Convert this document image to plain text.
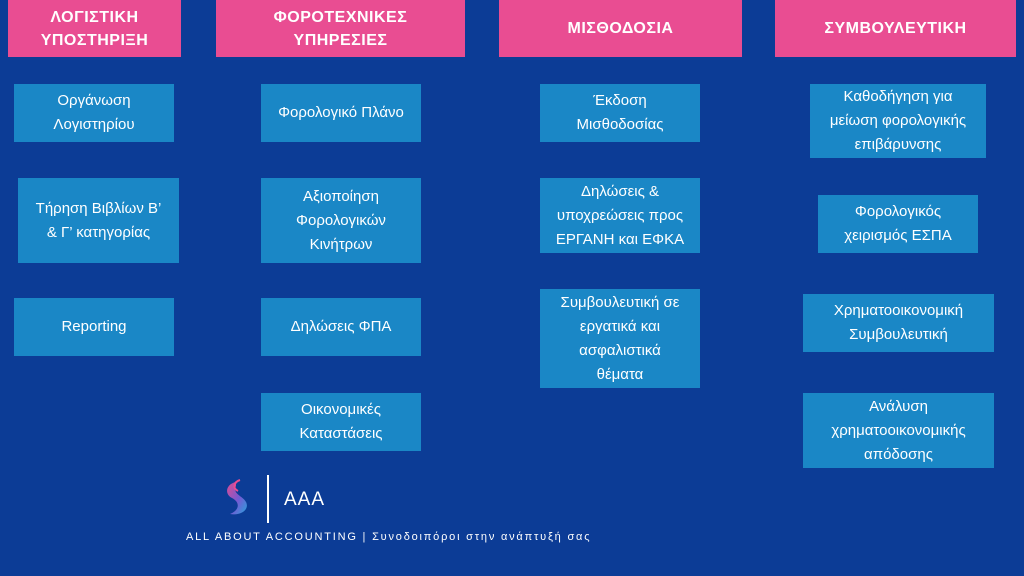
ΛΟΓΙΣΤΙΚΗ
ΥΠΟΣΤΗΡΙΞΗ
Οργάνωση
Λογιστηρίου
Τήρηση Βιβλίων Β’
& Γ’ κατηγορίας
Reporting
ΦΟΡΟΤΕΧΝΙΚΕΣ
ΥΠΗΡΕΣΙΕΣ
Φορολογικό Πλάνο
Αξιοποίηση
Φορολογικών
Κινήτρων
Δηλώσεις ΦΠΑ
Οικονομικές
Καταστάσεις
ΜΙΣΘΟΔΟΣΙΑ
Έκδοση
Μισθοδοσίας
Δηλώσεις &
υποχρεώσεις προς
ΕΡΓΑΝΗ και ΕΦΚΑ
Συμβουλευτική σε
εργατικά και
ασφαλιστικά
θέματα
ΣΥΜΒΟΥΛΕΥΤΙΚΗ
Καθοδήγηση για
μείωση φορολογικής
επιβάρυνσης
Φορολογικός
χειρισμός ΕΣΠΑ
Χρηματοοικονομική
Συμβουλευτική
Ανάλυση
χρηματοοικονομικής
απόδοσης
AAA
ALL ABOUT ACCOUNTING | Συνοδοιπόροι στην ανάπτυξή σας
